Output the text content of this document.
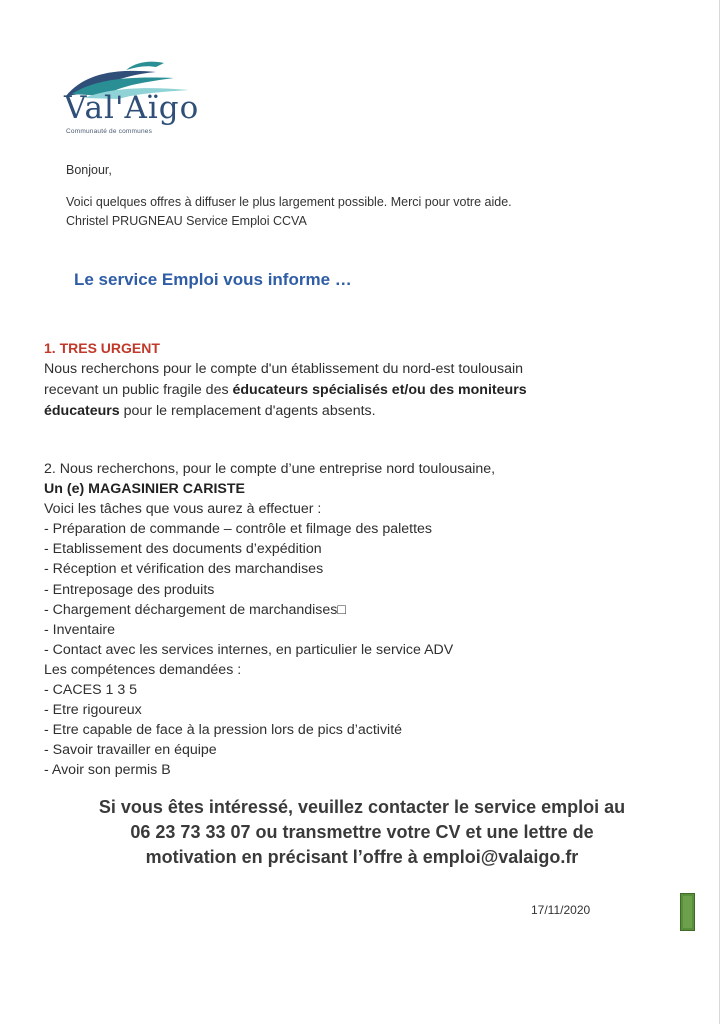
Val'Aïgo
Communauté de communes
Bonjour,
Voici quelques offres à diffuser le plus largement possible. Merci pour votre aide.
Christel PRUGNEAU Service Emploi CCVA
Le service Emploi vous informe …
1. TRES URGENT
Nous recherchons pour le compte d'un établissement du nord-est toulousain
recevant un public fragile des éducateurs spécialisés et/ou des moniteurs
éducateurs pour le remplacement d'agents absents.
2. Nous recherchons, pour le compte d’une entreprise nord toulousaine,
Un (e) MAGASINIER CARISTE
Voici les tâches que vous aurez à effectuer :
- Préparation de commande – contrôle et filmage des palettes
- Etablissement des documents d’expédition
- Réception et vérification des marchandises
- Entreposage des produits
- Chargement déchargement de marchandises□
- Inventaire
- Contact avec les services internes, en particulier le service ADV
Les compétences demandées :
- CACES 1 3 5
- Etre rigoureux
- Etre capable de face à la pression lors de pics d’activité
- Savoir travailler en équipe
- Avoir son permis B
Si vous êtes intéressé, veuillez contacter le service emploi au
06 23 73 33 07 ou transmettre votre CV et une lettre de
motivation en précisant l’offre à emploi@valaigo.fr
17/11/2020
